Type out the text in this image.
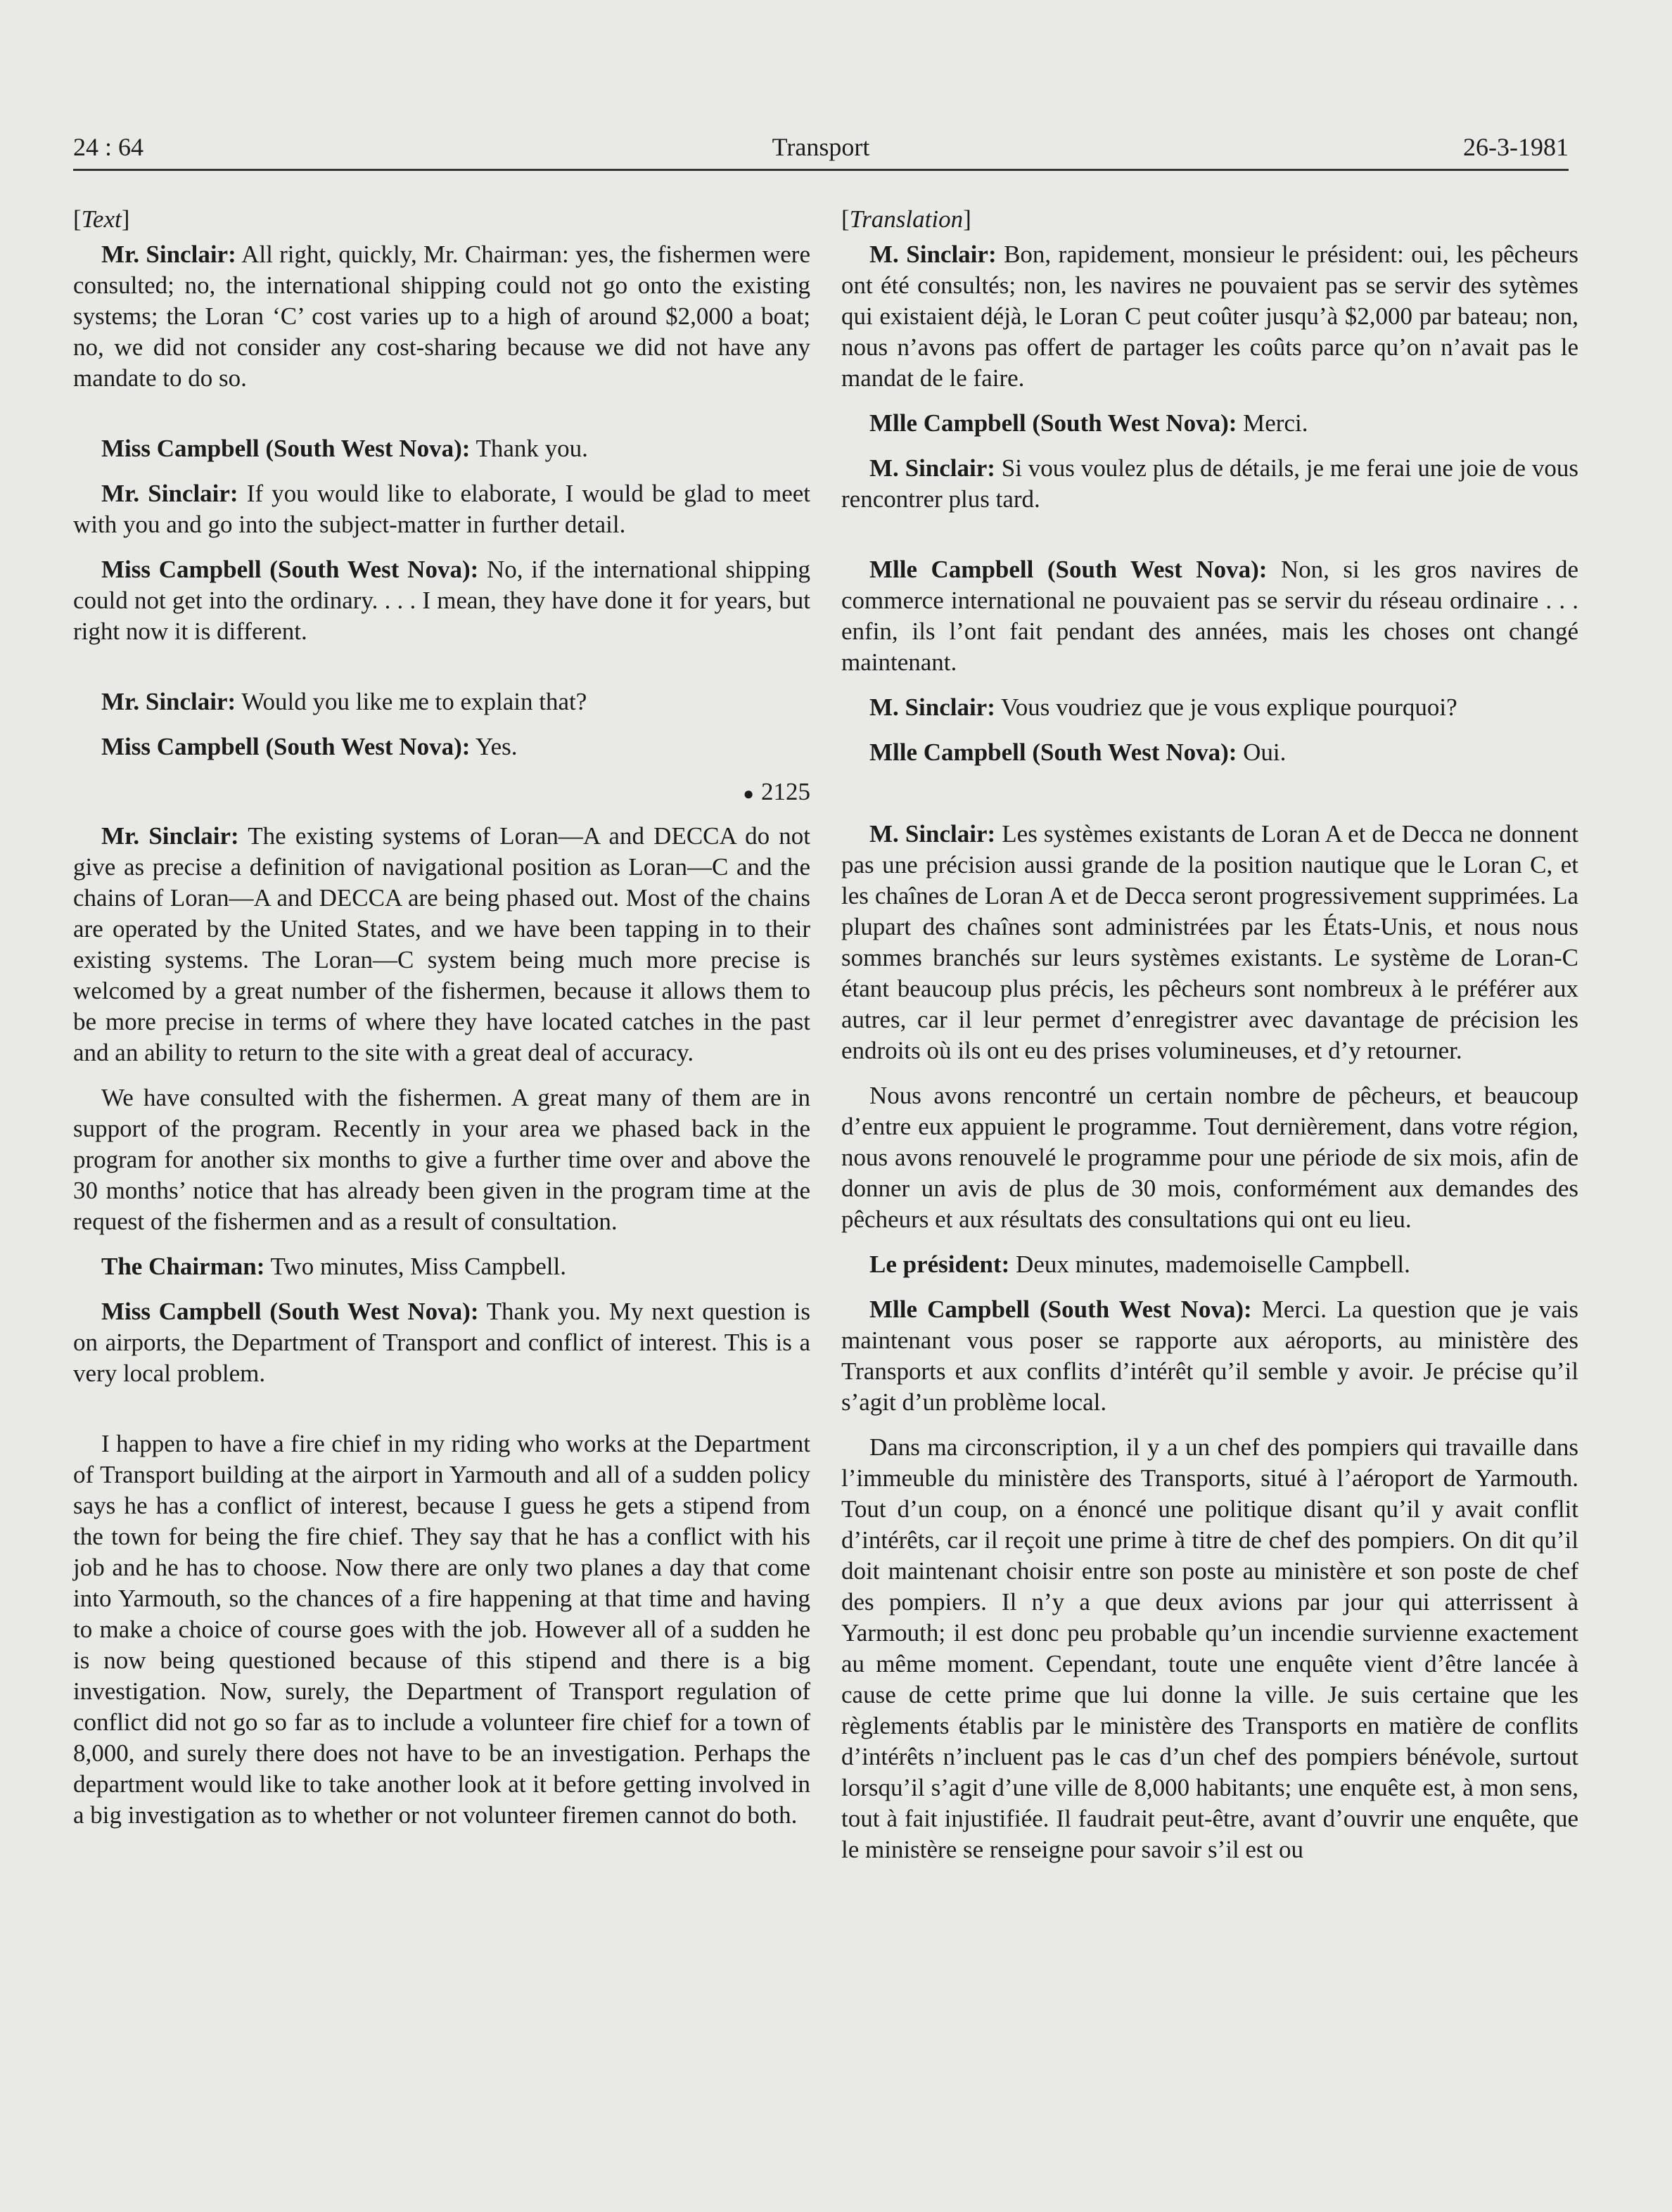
24 : 64	Transport	26-3-1981

[Text]

Mr. Sinclair: All right, quickly, Mr. Chairman: yes, the fishermen were consulted; no, the international shipping could not go onto the existing systems; the Loran ‘C’ cost varies up to a high of around $2,000 a boat; no, we did not consider any cost-sharing because we did not have any mandate to do so.

Miss Campbell (South West Nova): Thank you.

Mr. Sinclair: If you would like to elaborate, I would be glad to meet with you and go into the subject-matter in further detail.

Miss Campbell (South West Nova): No, if the international shipping could not get into the ordinary. . . . I mean, they have done it for years, but right now it is different.

Mr. Sinclair: Would you like me to explain that?

Miss Campbell (South West Nova): Yes.

● 2125

Mr. Sinclair: The existing systems of Loran—A and DECCA do not give as precise a definition of navigational position as Loran—C and the chains of Loran—A and DECCA are being phased out. Most of the chains are operated by the United States, and we have been tapping in to their existing systems. The Loran—C system being much more precise is welcomed by a great number of the fishermen, because it allows them to be more precise in terms of where they have located catches in the past and an ability to return to the site with a great deal of accuracy.

We have consulted with the fishermen. A great many of them are in support of the program. Recently in your area we phased back in the program for another six months to give a further time over and above the 30 months’ notice that has already been given in the program time at the request of the fishermen and as a result of consultation.

The Chairman: Two minutes, Miss Campbell.

Miss Campbell (South West Nova): Thank you. My next question is on airports, the Department of Transport and conflict of interest. This is a very local problem.

I happen to have a fire chief in my riding who works at the Department of Transport building at the airport in Yarmouth and all of a sudden policy says he has a conflict of interest, because I guess he gets a stipend from the town for being the fire chief. They say that he has a conflict with his job and he has to choose. Now there are only two planes a day that come into Yarmouth, so the chances of a fire happening at that time and having to make a choice of course goes with the job. However all of a sudden he is now being questioned because of this stipend and there is a big investigation. Now, surely, the Department of Transport regulation of conflict did not go so far as to include a volunteer fire chief for a town of 8,000, and surely there does not have to be an investigation. Perhaps the department would like to take another look at it before getting involved in a big investigation as to whether or not volunteer firemen cannot do both.

[Translation]

M. Sinclair: Bon, rapidement, monsieur le président: oui, les pêcheurs ont été consultés; non, les navires ne pouvaient pas se servir des sytèmes qui existaient déjà, le Loran C peut coûter jusqu’à $2,000 par bateau; non, nous n’avons pas offert de partager les coûts parce qu’on n’avait pas le mandat de le faire.

Mlle Campbell (South West Nova): Merci.

M. Sinclair: Si vous voulez plus de détails, je me ferai une joie de vous rencontrer plus tard.

Mlle Campbell (South West Nova): Non, si les gros navires de commerce international ne pouvaient pas se servir du réseau ordinaire . . . enfin, ils l’ont fait pendant des années, mais les choses ont changé maintenant.

M. Sinclair: Vous voudriez que je vous explique pourquoi?

Mlle Campbell (South West Nova): Oui.

M. Sinclair: Les systèmes existants de Loran A et de Decca ne donnent pas une précision aussi grande de la position nautique que le Loran C, et les chaînes de Loran A et de Decca seront progressivement supprimées. La plupart des chaînes sont administrées par les États-Unis, et nous nous sommes branchés sur leurs systèmes existants. Le système de Loran-C étant beaucoup plus précis, les pêcheurs sont nombreux à le préférer aux autres, car il leur permet d’enregistrer avec davantage de précision les endroits où ils ont eu des prises volumineuses, et d’y retourner.

Nous avons rencontré un certain nombre de pêcheurs, et beaucoup d’entre eux appuient le programme. Tout dernièrement, dans votre région, nous avons renouvelé le programme pour une période de six mois, afin de donner un avis de plus de 30 mois, conformément aux demandes des pêcheurs et aux résultats des consultations qui ont eu lieu.

Le président: Deux minutes, mademoiselle Campbell.

Mlle Campbell (South West Nova): Merci. La question que je vais maintenant vous poser se rapporte aux aéroports, au ministère des Transports et aux conflits d’intérêt qu’il semble y avoir. Je précise qu’il s’agit d’un problème local.

Dans ma circonscription, il y a un chef des pompiers qui travaille dans l’immeuble du ministère des Transports, situé à l’aéroport de Yarmouth. Tout d’un coup, on a énoncé une politique disant qu’il y avait conflit d’intérêts, car il reçoit une prime à titre de chef des pompiers. On dit qu’il doit maintenant choisir entre son poste au ministère et son poste de chef des pompiers. Il n’y a que deux avions par jour qui atterrissent à Yarmouth; il est donc peu probable qu’un incendie survienne exactement au même moment. Cependant, toute une enquête vient d’être lancée à cause de cette prime que lui donne la ville. Je suis certaine que les règlements établis par le ministère des Transports en matière de conflits d’intérêts n’incluent pas le cas d’un chef des pompiers bénévole, surtout lorsqu’il s’agit d’une ville de 8,000 habitants; une enquête est, à mon sens, tout à fait injustifiée. Il faudrait peut-être, avant d’ouvrir une enquête, que le ministère se renseigne pour savoir s’il est ou
